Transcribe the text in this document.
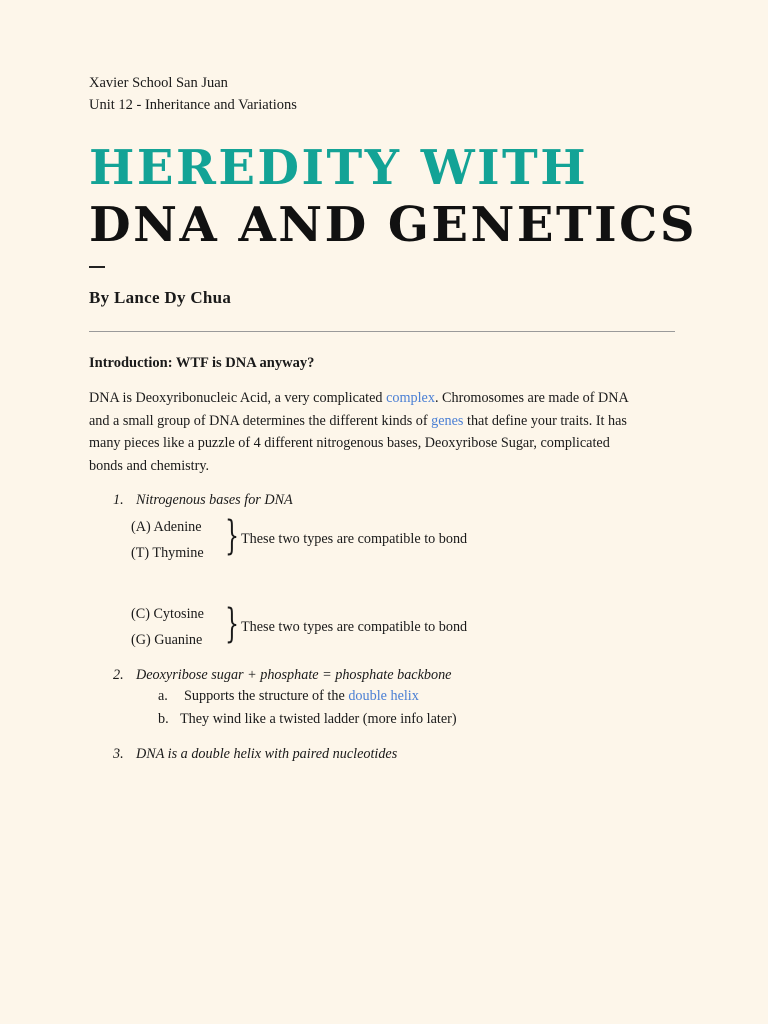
Xavier School San Juan
Unit 12 - Inheritance and Variations
HEREDITY WITH
DNA AND GENETICS
By Lance Dy Chua
Introduction: WTF is DNA anyway?
DNA is Deoxyribonucleic Acid, a very complicated complex. Chromosomes are made of DNA
and a small group of DNA determines the different kinds of genes that define your traits. It has
many pieces like a puzzle of 4 different nitrogenous bases, Deoxyribose Sugar, complicated
bonds and chemistry.
1. Nitrogenous bases for DNA
(A) Adenine
(T) Thymine } These two types are compatible to bond
(C) Cytosine
(G) Guanine } These two types are compatible to bond
2. Deoxyribose sugar + phosphate = phosphate backbone
a. Supports the structure of the double helix
b. They wind like a twisted ladder (more info later)
3. DNA is a double helix with paired nucleotides
